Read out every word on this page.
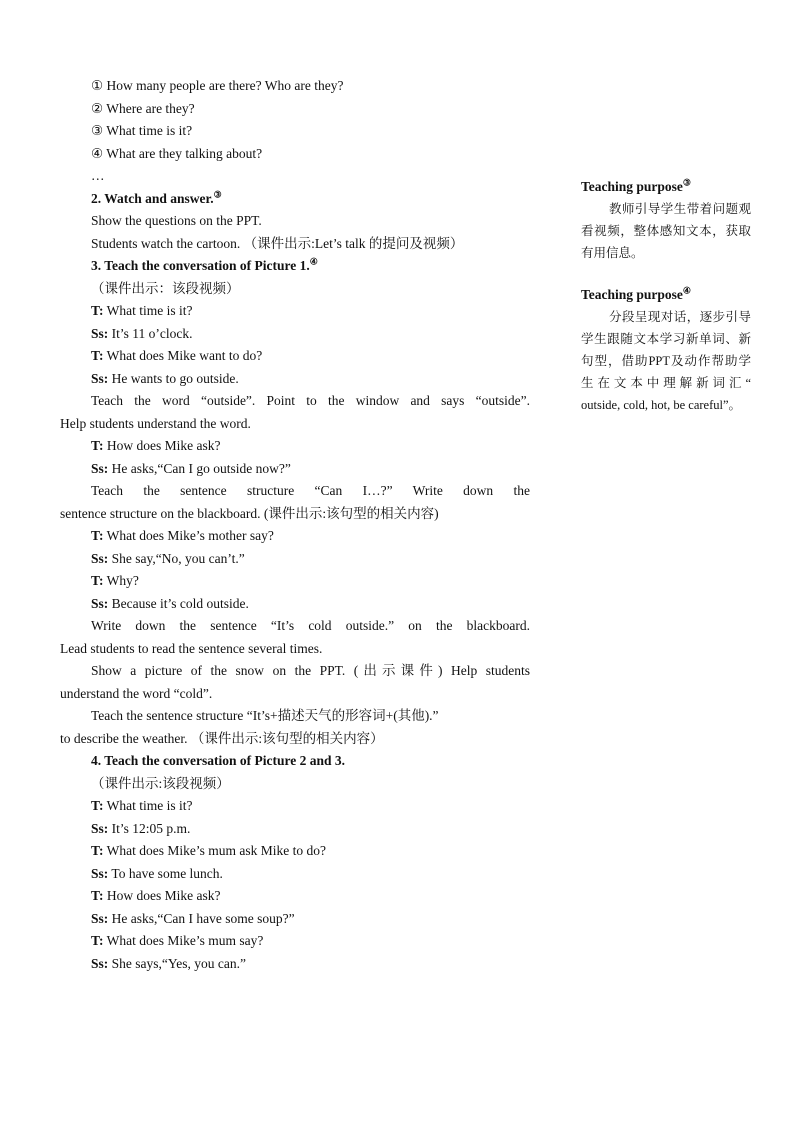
① How many people are there? Who are they?
② Where are they?
③ What time is it?
④ What are they talking about?
…
2. Watch and answer.③
Show the questions on the PPT.
Students watch the cartoon. （课件出示:Let’s talk 的提问及视频）
3. Teach the conversation of Picture 1.④
（课件出示：该段视频）
T: What time is it?
Ss: It’s 11 o’clock.
T: What does Mike want to do?
Ss: He wants to go outside.
Teach the word “outside”. Point to the window and says “outside”.
Help students understand the word.
T: How does Mike ask?
Ss: He asks,“Can I go outside now?”
Teach the sentence structure “Can I…?” Write down the
sentence structure on the blackboard. (课件出示:该句型的相关内容)
T: What does Mike’s mother say?
Ss: She say,“No, you can’t.”
T: Why?
Ss: Because it’s cold outside.
Write down the sentence “It’s cold outside.” on the blackboard.
Lead students to read the sentence several times.
Show a picture of the snow on the PPT. (出示课件) Help students
understand the word “cold”.
Teach the sentence structure “It’s+描述天气的形容词+(其他).”
to describe the weather. （课件出示:该句型的相关内容）
4. Teach the conversation of Picture 2 and 3.
（课件出示:该段视频）
T: What time is it?
Ss: It’s 12:05 p.m.
T: What does Mike’s mum ask Mike to do?
Ss: To have some lunch.
T: How does Mike ask?
Ss: He asks,“Can I have some soup?”
T: What does Mike’s mum say?
Ss: She says,“Yes, you can.”
Teaching purpose③
教师引导学生带着问题观看视频，整体感知文本，获取有用信息。
Teaching purpose④
分段呈现对话，逐步引导学生跟随文本学习新单词、新句型，借助PPT及动作帮助学生在文本中理解新词汇“ outside, cold, hot, be careful”。
